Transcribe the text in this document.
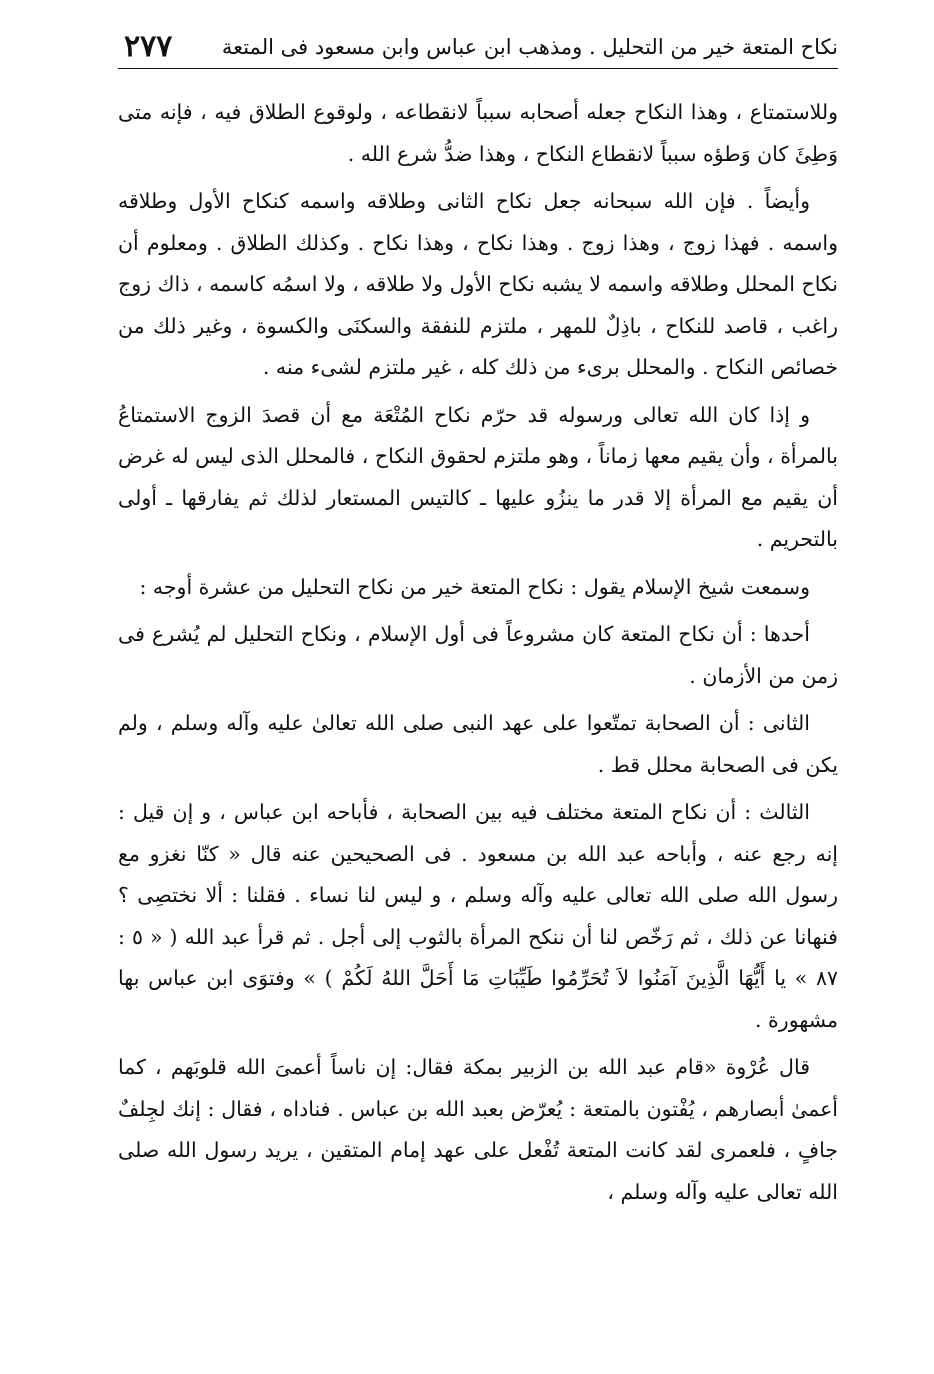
نكاح المتعة خير من التحليل . ومذهب ابن عباس وابن مسعود فى المتعة
٢٧٧

وللاستمتاع ، وهذا النكاح جعله أصحابه سبباً لانقطاعه ، ولوقوع الطلاق فيه ، فإنه متى وَطِئَ كان وَطؤه سبباً لانقطاع النكاح ، وهذا ضدُّ شرع الله .

وأيضاً . فإن الله سبحانه جعل نكاح الثانى وطلاقه واسمه كنكاح الأول وطلاقه واسمه . فهذا زوج ، وهذا زوج . وهذا نكاح ، وهذا نكاح . وكذلك الطلاق . ومعلوم أن نكاح المحلل وطلاقه واسمه لا يشبه نكاح الأول ولا طلاقه ، ولا اسمُه كاسمه ، ذاك زوج راغب ، قاصد للنكاح ، باذِلٌ للمهر ، ملتزم للنفقة والسكنَى والكسوة ، وغير ذلك من خصائص النكاح . والمحلل برىء من ذلك كله ، غير ملتزم لشىء منه .

و إذا كان الله تعالى ورسوله قد حرّم نكاح المُتْعَة مع أن قصدَ الزوج الاستمتاعُ بالمرأة ، وأن يقيم معها زماناً ، وهو ملتزم لحقوق النكاح ، فالمحلل الذى ليس له غرض أن يقيم مع المرأة إلا قدر ما ينزُو عليها ـ كالتيس المستعار لذلك ثم يفارقها ـ أولى بالتحريم .

وسمعت شيخ الإسلام يقول : نكاح المتعة خير من نكاح التحليل من عشرة أوجه :

أحدها : أن نكاح المتعة كان مشروعاً فى أول الإسلام ، ونكاح التحليل لم يُشرع فى زمن من الأزمان .

الثانى : أن الصحابة تمتّعوا على عهد النبى صلى الله تعالىٰ عليه وآله وسلم ، ولم يكن فى الصحابة محلل قط .

الثالث : أن نكاح المتعة مختلف فيه بين الصحابة ، فأباحه ابن عباس ، و إن قيل : إنه رجع عنه ، وأباحه عبد الله بن مسعود . فى الصحيحين عنه قال « كنّا نغزو مع رسول الله صلى الله تعالى عليه وآله وسلم ، و ليس لنا نساء . فقلنا : ألا نختصِى ؟ فنهانا عن ذلك ، ثم رَخّص لنا أن ننكح المرأة بالثوب إلى أجل . ثم قرأ عبد الله ( « ٥ : ٨٧ » يا أَيُّهَا الَّذِينَ آمَنُوا لاَ تُحَرِّمُوا طَيِّبَاتِ مَا أَحَلَّ اللهُ لَكُمْ ) » وفتوَى ابن عباس بها مشهورة .

قال عُرْوة «قام عبد الله بن الزبير بمكة فقال: إن ناساً أعمىَ الله قلوبَهم ، كما أعمىٰ أبصارهم ، يُفْتون بالمتعة : يُعرّض بعبد الله بن عباس . فناداه ، فقال : إنك لجِلفٌ جافٍ ، فلعمرى لقد كانت المتعة تُفْعل على عهد إمام المتقين ، يريد رسول الله صلى الله تعالى عليه وآله وسلم ،
